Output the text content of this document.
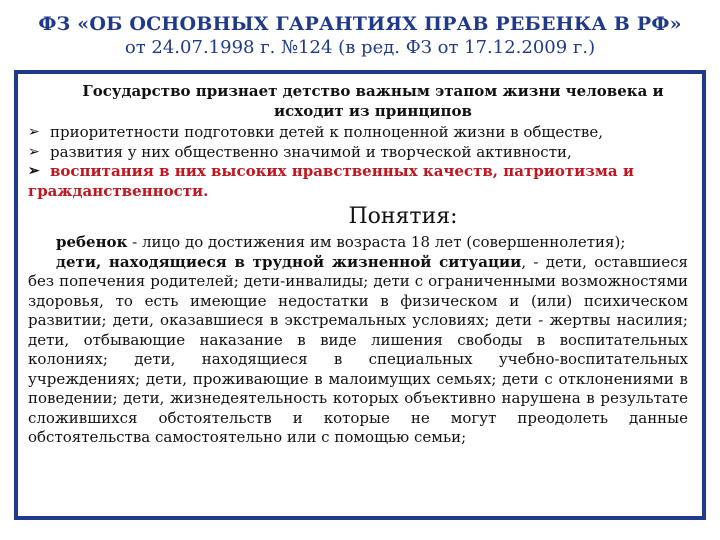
ФЗ «ОБ ОСНОВНЫХ ГАРАНТИЯХ ПРАВ РЕБЕНКА В РФ»
от 24.07.1998 г. №124 (в ред. ФЗ от 17.12.2009 г.)
Государство признает детство важным этапом жизни человека и исходит из принципов
➢ приоритетности подготовки детей к полноценной жизни в обществе,
➢ развития у них общественно значимой и творческой активности,
➢ воспитания в них высоких нравственных качеств, патриотизма и
гражданственности.
Понятия:
ребенок - лицо до достижения им возраста 18 лет (совершеннолетия);
дети, находящиеся в трудной жизненной ситуации, - дети, оставшиеся без попечения родителей; дети-инвалиды; дети с ограниченными возможностями здоровья, то есть имеющие недостатки в физическом и (или) психическом развитии; дети, оказавшиеся в экстремальных условиях; дети - жертвы насилия; дети, отбывающие наказание в виде лишения свободы в воспитательных колониях; дети, находящиеся в специальных учебно-воспитательных учреждениях; дети, проживающие в малоимущих семьях; дети с отклонениями в поведении; дети, жизнедеятельность которых объективно нарушена в результате сложившихся обстоятельств и которые не могут преодолеть данные обстоятельства самостоятельно или с помощью семьи;
